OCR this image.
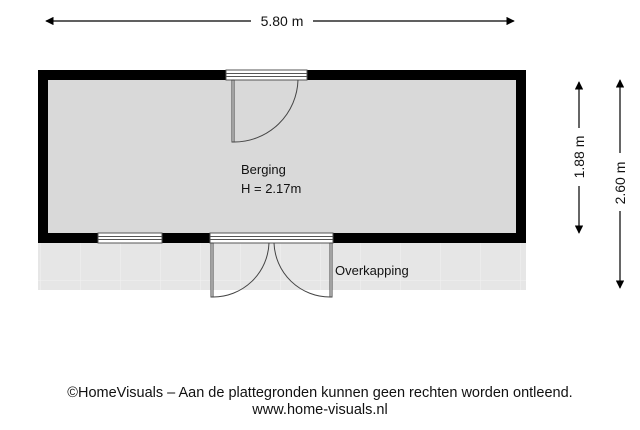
Berging
H = 2.17m
Overkapping
5.80 m
1.88 m
2.60 m
©HomeVisuals – Aan de plattegronden kunnen geen rechten worden ontleend.
www.home-visuals.nl
